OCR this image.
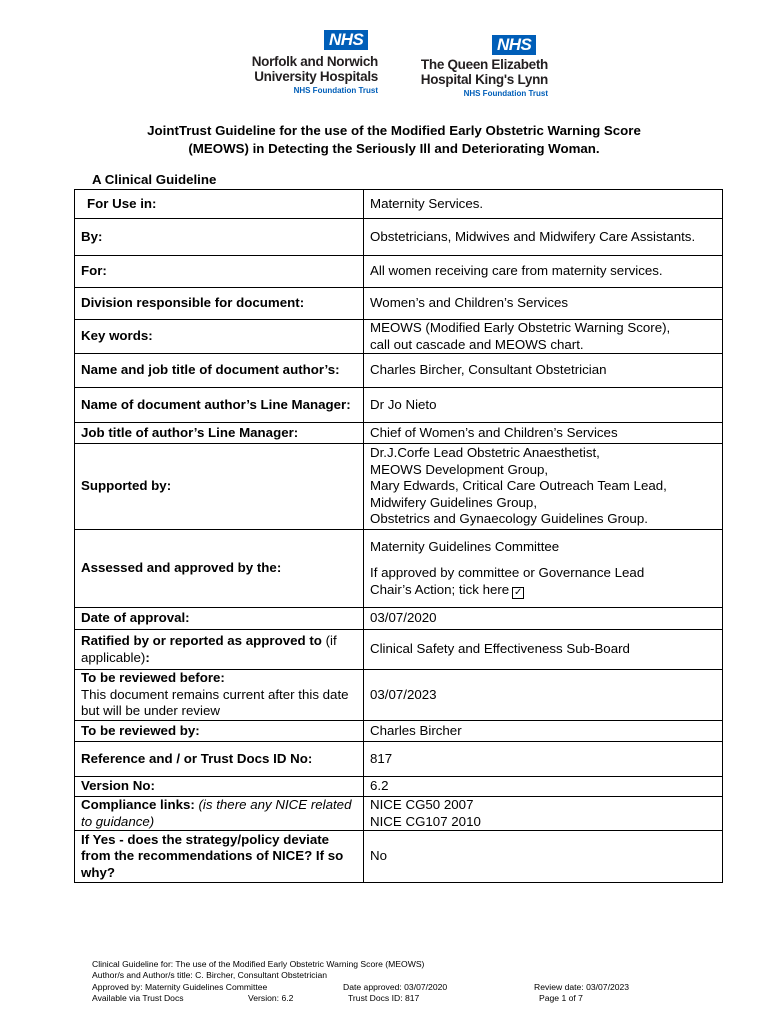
NHS
Norfolk and Norwich
University Hospitals
NHS Foundation Trust
NHS
The Queen Elizabeth
Hospital King's Lynn
NHS Foundation Trust
JointTrust Guideline for the use of the Modified Early Obstetric Warning Score
(MEOWS) in Detecting the Seriously Ill and Deteriorating Woman.
A Clinical Guideline
For Use in:	Maternity Services.
By:	Obstetricians, Midwives and Midwifery Care Assistants.
For:	All women receiving care from maternity services.
Division responsible for document:	Women’s and Children’s Services
Key words:	MEOWS (Modified Early Obstetric Warning Score),
call out cascade and MEOWS chart.

Name and job title of document author’s:	Charles Bircher, Consultant Obstetrician
Name of document author’s Line Manager:	Dr Jo Nieto
Job title of author’s Line Manager:	Chief of Women’s and Children’s Services
Supported by:	Dr.J.Corfe Lead Obstetric Anaesthetist,
MEOWS Development Group,
Mary Edwards, Critical Care Outreach Team Lead,
Midwifery Guidelines Group,
Obstetrics and Gynaecology Guidelines Group.

Assessed and approved by the:	Maternity Guidelines Committee
If approved by committee or Governance Lead
Chair’s Action; tick here ✓

Date of approval:	03/07/2020
Ratified by or reported as approved to (if applicable):	Clinical Safety and Effectiveness Sub-Board

To be reviewed before:
This document remains current after this date but will be under review	03/07/2023
To be reviewed by:	Charles Bircher
Reference and / or Trust Docs ID No:	817
Version No:	6.2
Compliance links: (is there any NICE related to guidance)	NICE CG50 2007
NICE CG107 2010

If Yes - does the strategy/policy deviate from the recommendations of NICE? If so why?	No
Clinical Guideline for: The use of the Modified Early Obstetric Warning Score (MEOWS)
Author/s and Author/s title: C. Bircher, Consultant Obstetrician
Approved by: Maternity Guidelines Committee	Date approved: 03/07/2020	Review date: 03/07/2023
Available via Trust Docs	Version: 6.2	Trust Docs ID: 817	Page 1 of 7
